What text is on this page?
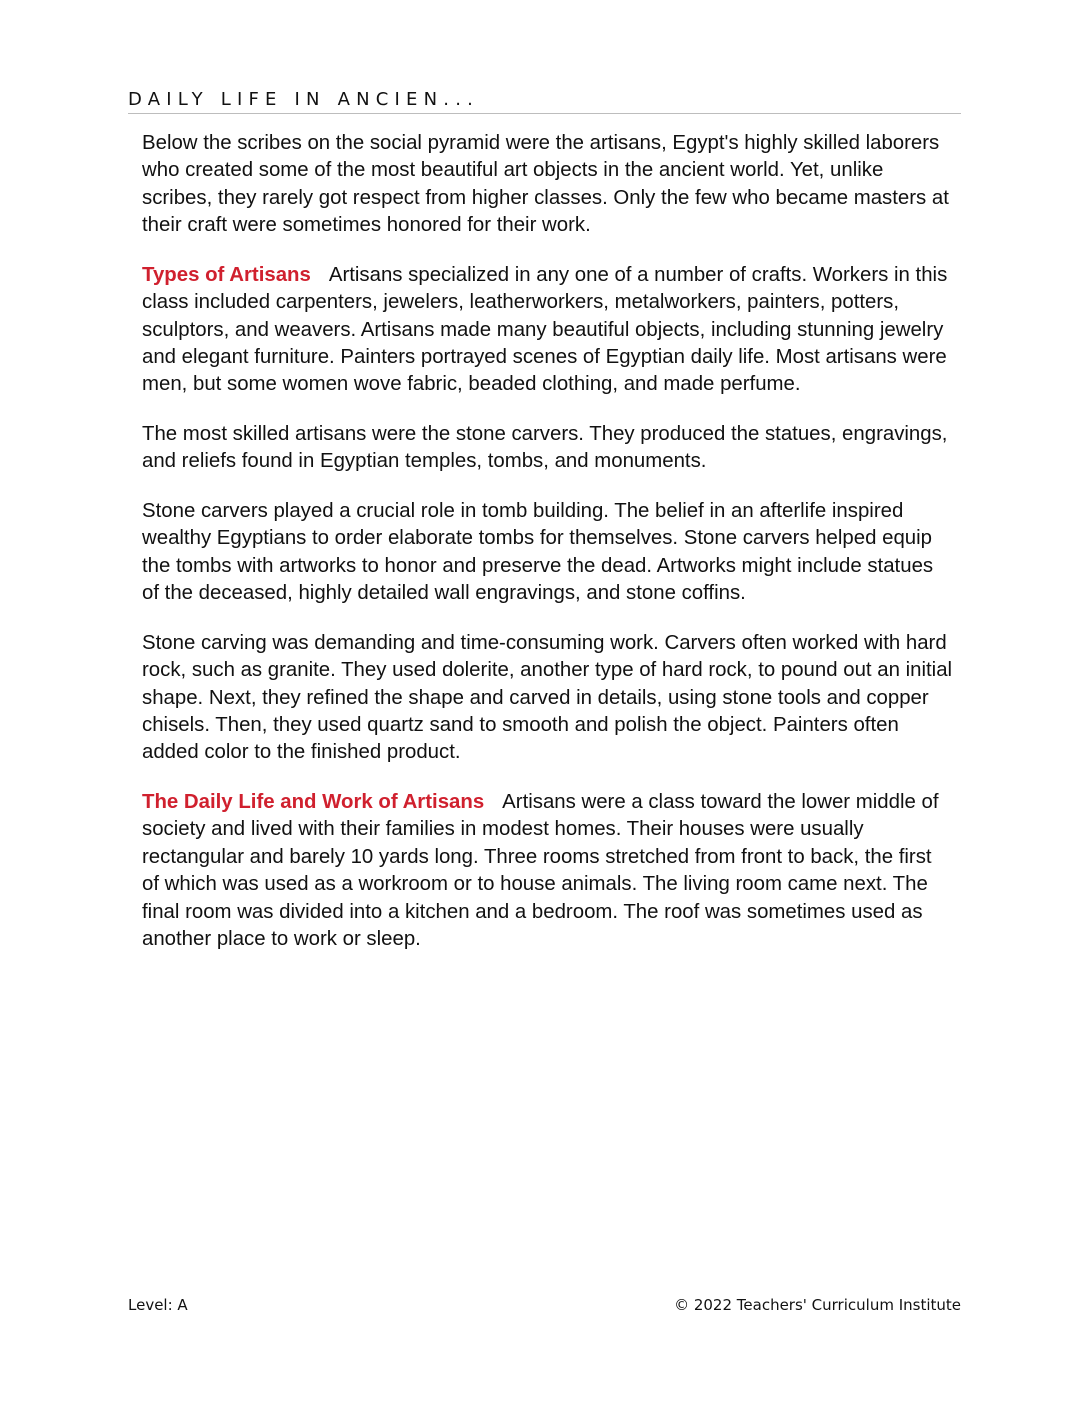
DAILY LIFE IN ANCIEN...

Below the scribes on the social pyramid were the artisans, Egypt's highly skilled laborers who created some of the most beautiful art objects in the ancient world. Yet, unlike scribes, they rarely got respect from higher classes. Only the few who became masters at their craft were sometimes honored for their work.

Types of Artisans Artisans specialized in any one of a number of crafts. Workers in this class included carpenters, jewelers, leatherworkers, metalworkers, painters, potters, sculptors, and weavers. Artisans made many beautiful objects, including stunning jewelry and elegant furniture. Painters portrayed scenes of Egyptian daily life. Most artisans were men, but some women wove fabric, beaded clothing, and made perfume.

The most skilled artisans were the stone carvers. They produced the statues, engravings, and reliefs found in Egyptian temples, tombs, and monuments.

Stone carvers played a crucial role in tomb building. The belief in an afterlife inspired wealthy Egyptians to order elaborate tombs for themselves. Stone carvers helped equip the tombs with artworks to honor and preserve the dead. Artworks might include statues of the deceased, highly detailed wall engravings, and stone coffins.

Stone carving was demanding and time-consuming work. Carvers often worked with hard rock, such as granite. They used dolerite, another type of hard rock, to pound out an initial shape. Next, they refined the shape and carved in details, using stone tools and copper chisels. Then, they used quartz sand to smooth and polish the object. Painters often added color to the finished product.

The Daily Life and Work of Artisans Artisans were a class toward the lower middle of society and lived with their families in modest homes. Their houses were usually rectangular and barely 10 yards long. Three rooms stretched from front to back, the first of which was used as a workroom or to house animals. The living room came next. The final room was divided into a kitchen and a bedroom. The roof was sometimes used as another place to work or sleep.

Level: A	© 2022 Teachers' Curriculum Institute
